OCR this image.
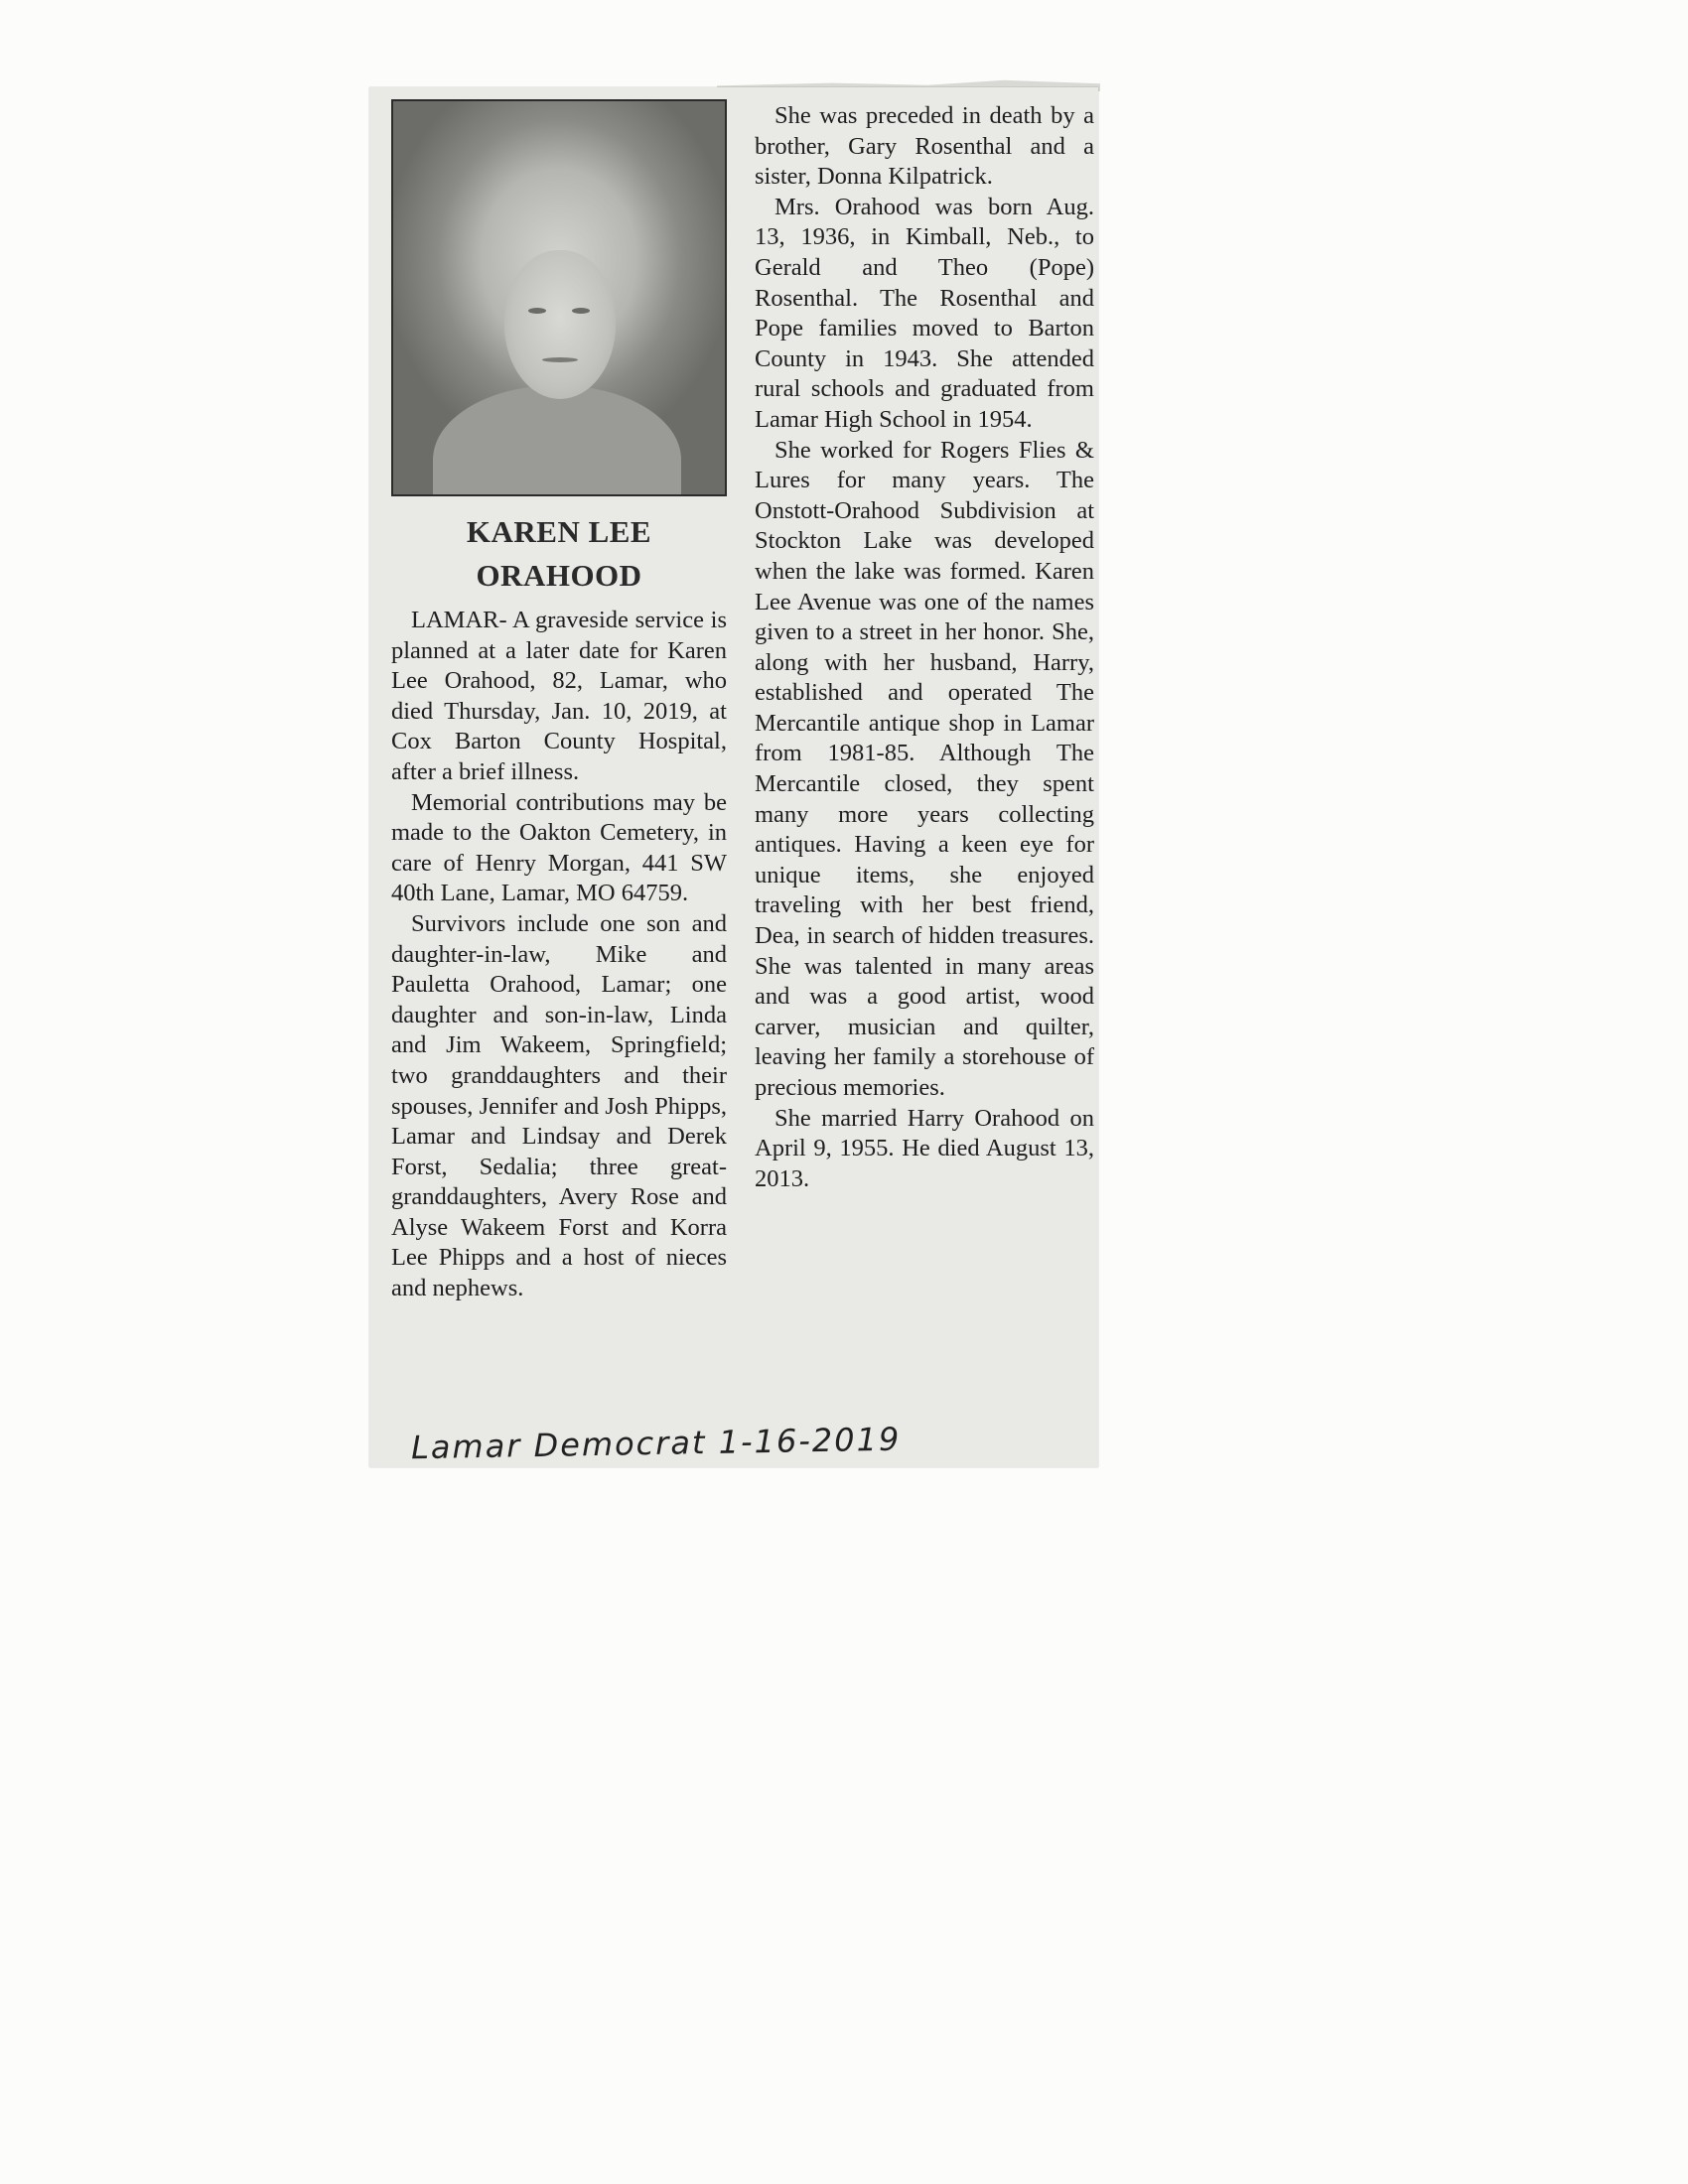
KAREN LEE
ORAHOOD

LAMAR- A graveside service is planned at a later date for Karen Lee Orahood, 82, Lamar, who died Thursday, Jan. 10, 2019, at Cox Barton County Hospital, after a brief illness.

Memorial contributions may be made to the Oakton Cemetery, in care of Henry Morgan, 441 SW 40th Lane, Lamar, MO 64759.

Survivors include one son and daughter-in-law, Mike and Pauletta Orahood, Lamar; one daughter and son-in-law, Linda and Jim Wakeem, Springfield; two granddaughters and their spouses, Jennifer and Josh Phipps, Lamar and Lindsay and Derek Forst, Sedalia; three great-granddaughters, Avery Rose and Alyse Wakeem Forst and Korra Lee Phipps and a host of nieces and nephews.

She was preceded in death by a brother, Gary Rosenthal and a sister, Donna Kilpatrick.

Mrs. Orahood was born Aug. 13, 1936, in Kimball, Neb., to Gerald and Theo (Pope) Rosenthal. The Rosenthal and Pope families moved to Barton County in 1943. She attended rural schools and graduated from Lamar High School in 1954.

She worked for Rogers Flies & Lures for many years. The Onstott-Orahood Subdivision at Stockton Lake was developed when the lake was formed. Karen Lee Avenue was one of the names given to a street in her honor. She, along with her husband, Harry, established and operated The Mercantile antique shop in Lamar from 1981-85. Although The Mercantile closed, they spent many more years collecting antiques. Having a keen eye for unique items, she enjoyed traveling with her best friend, Dea, in search of hidden treasures. She was talented in many areas and was a good artist, wood carver, musician and quilter, leaving her family a storehouse of precious memories.

She married Harry Orahood on April 9, 1955. He died August 13, 2013.

Lamar Democrat 1-16-2019
